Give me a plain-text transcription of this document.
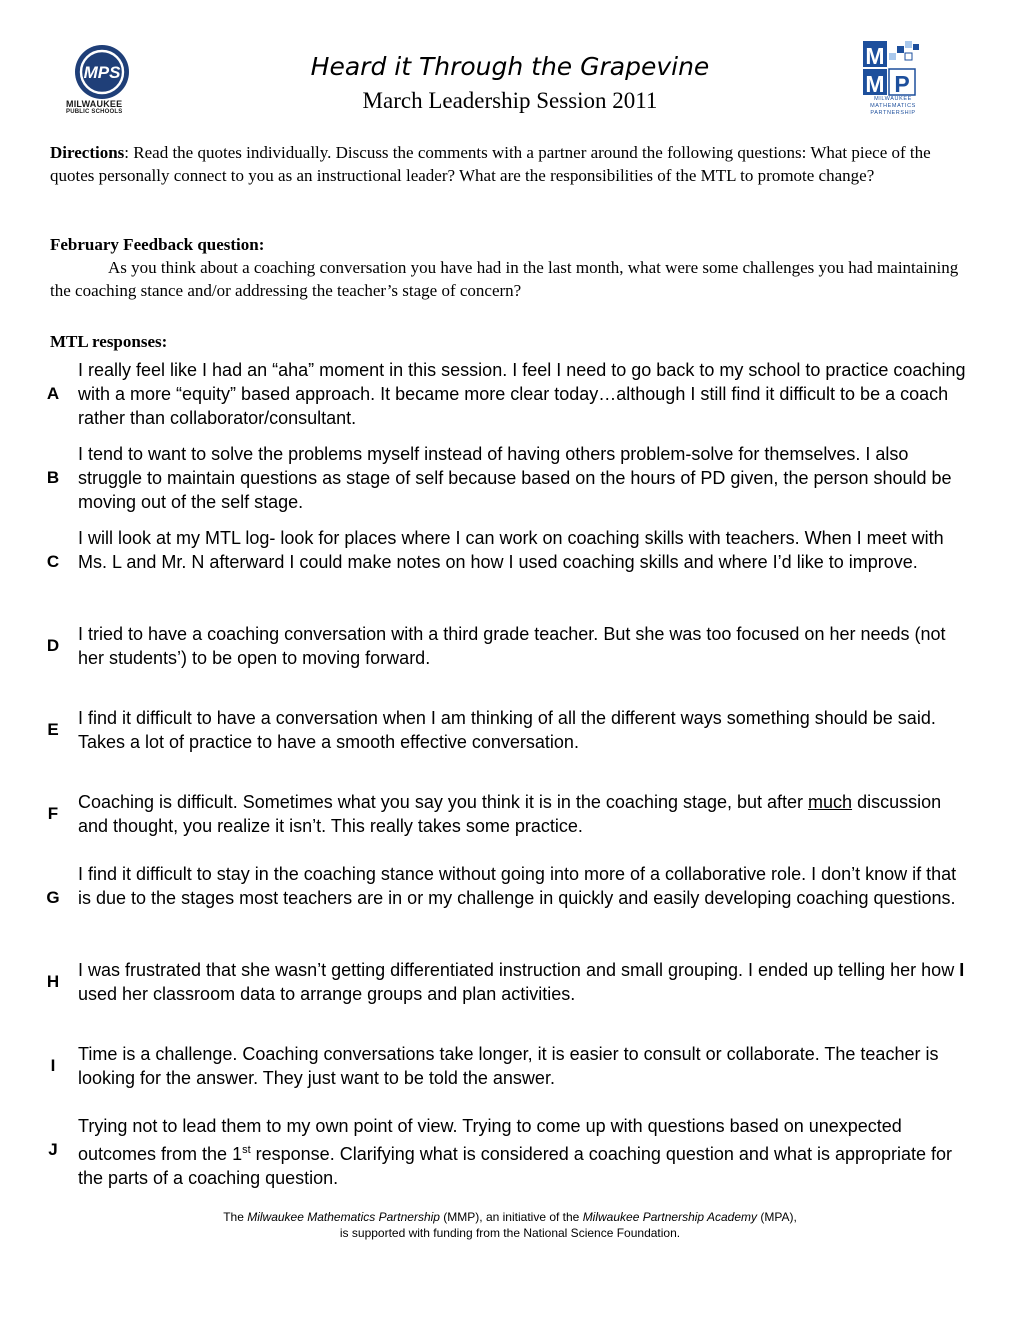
MPS
MILWAUKEE
PUBLIC SCHOOLS
Heard it Through the Grapevine
March Leadership Session 2011
M
M P
MILWAUKEE
MATHEMATICS
PARTNERSHIP
Directions: Read the quotes individually. Discuss the comments with a partner around the following questions: What piece of the quotes personally connect to you as an instructional leader? What are the responsibilities of the MTL to promote change?
February Feedback question:
As you think about a coaching conversation you have had in the last month, what were some challenges you had maintaining the coaching stance and/or addressing the teacher’s stage of concern?
MTL responses:
A
I really feel like I had an “aha” moment in this session. I feel I need to go back to my school to practice coaching with a more “equity” based approach. It became more clear today…although I still find it difficult to be a coach rather than collaborator/consultant.
B
I tend to want to solve the problems myself instead of having others problem-solve for themselves. I also struggle to maintain questions as stage of self because based on the hours of PD given, the person should be moving out of the self stage.
C
I will look at my MTL log- look for places where I can work on coaching skills with teachers. When I meet with Ms. L and Mr. N afterward I could make notes on how I used coaching skills and where I’d like to improve.
D
I tried to have a coaching conversation with a third grade teacher. But she was too focused on her needs (not her students’) to be open to moving forward.
E
I find it difficult to have a conversation when I am thinking of all the different ways something should be said. Takes a lot of practice to have a smooth effective conversation.
F
Coaching is difficult. Sometimes what you say you think it is in the coaching stage, but after much discussion and thought, you realize it isn’t. This really takes some practice.
G
I find it difficult to stay in the coaching stance without going into more of a collaborative role. I don’t know if that is due to the stages most teachers are in or my challenge in quickly and easily developing coaching questions.
H
I was frustrated that she wasn’t getting differentiated instruction and small grouping. I ended up telling her how I used her classroom data to arrange groups and plan activities.
I
Time is a challenge. Coaching conversations take longer, it is easier to consult or collaborate. The teacher is looking for the answer. They just want to be told the answer.
J
Trying not to lead them to my own point of view. Trying to come up with questions based on unexpected outcomes from the 1st response. Clarifying what is considered a coaching question and what is appropriate for the parts of a coaching question.
The Milwaukee Mathematics Partnership (MMP), an initiative of the Milwaukee Partnership Academy (MPA),
is supported with funding from the National Science Foundation.
